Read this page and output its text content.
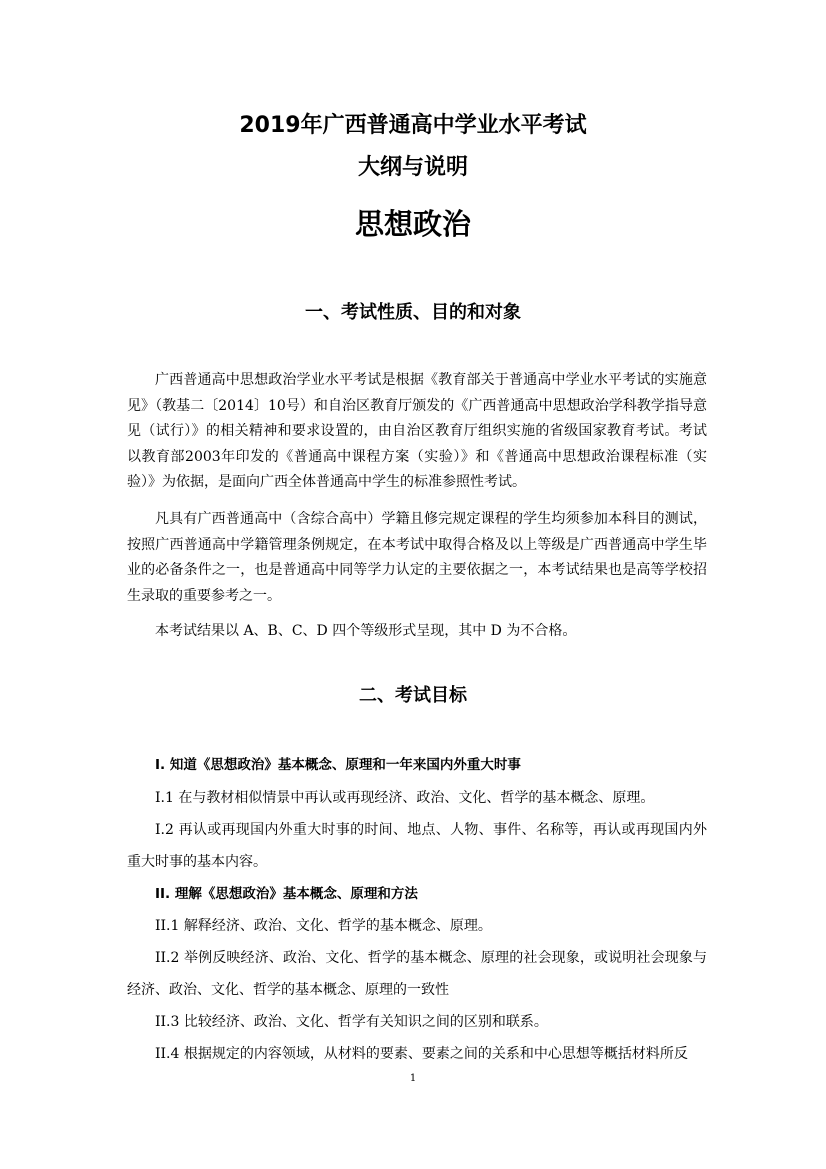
2019年广西普通高中学业水平考试
大纲与说明
思想政治
一、考试性质、目的和对象
广西普通高中思想政治学业水平考试是根据《教育部关于普通高中学业水平考试的实施意见》（教基二〔2014〕10号）和自治区教育厅颁发的《广西普通高中思想政治学科教学指导意见（试行）》的相关精神和要求设置的，由自治区教育厅组织实施的省级国家教育考试。考试以教育部2003年印发的《普通高中课程方案（实验）》和《普通高中思想政治课程标准（实验）》为依据，是面向广西全体普通高中学生的标准参照性考试。
凡具有广西普通高中（含综合高中）学籍且修完规定课程的学生均须参加本科目的测试，按照广西普通高中学籍管理条例规定，在本考试中取得合格及以上等级是广西普通高中学生毕业的必备条件之一，也是普通高中同等学力认定的主要依据之一，本考试结果也是高等学校招生录取的重要参考之一。
本考试结果以 A、B、C、D 四个等级形式呈现，其中 D 为不合格。
二、考试目标
I. 知道《思想政治》基本概念、原理和一年来国内外重大时事
I.1 在与教材相似情景中再认或再现经济、政治、文化、哲学的基本概念、原理。
I.2 再认或再现国内外重大时事的时间、地点、人物、事件、名称等，再认或再现国内外重大时事的基本内容。
II. 理解《思想政治》基本概念、原理和方法
II.1 解释经济、政治、文化、哲学的基本概念、原理。
II.2 举例反映经济、政治、文化、哲学的基本概念、原理的社会现象，或说明社会现象与经济、政治、文化、哲学的基本概念、原理的一致性
II.3 比较经济、政治、文化、哲学有关知识之间的区别和联系。
II.4 根据规定的内容领域，从材料的要素、要素之间的关系和中心思想等概括材料所反
1
